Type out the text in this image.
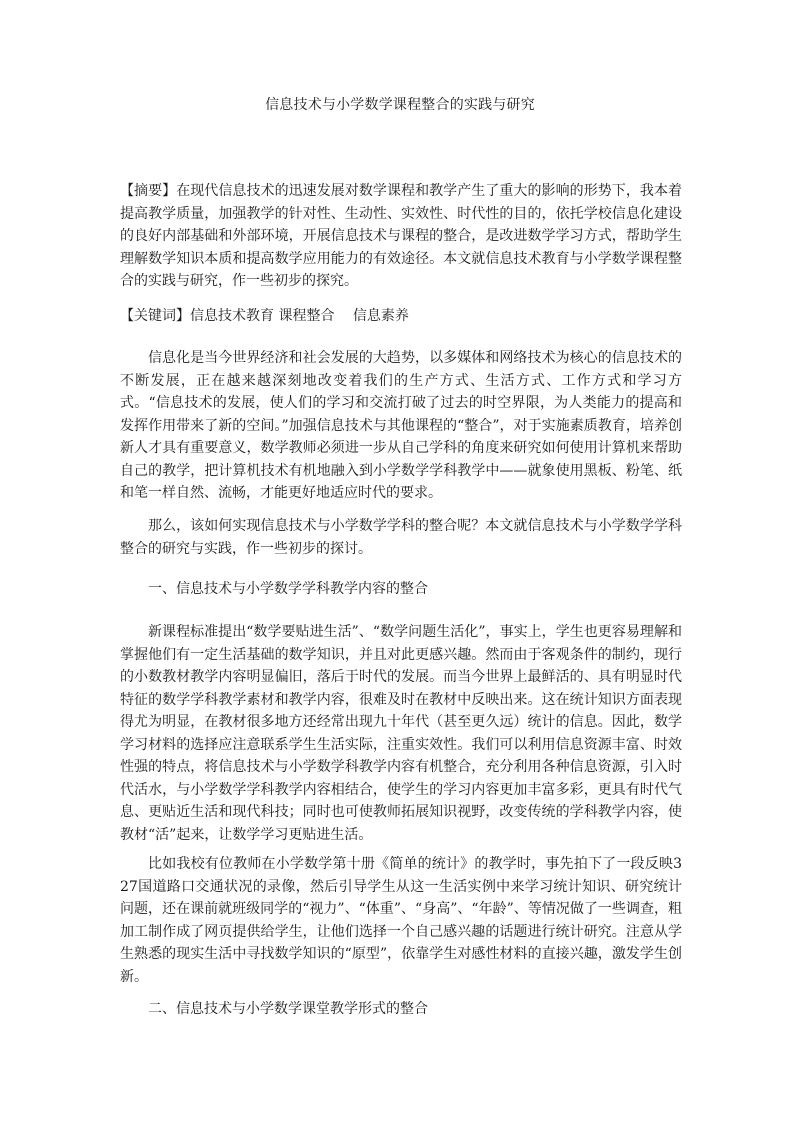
信息技术与小学数学课程整合的实践与研究

【摘要】在现代信息技术的迅速发展对数学课程和教学产生了重大的影响的形势下，我本着提高教学质量，加强教学的针对性、生动性、实效性、时代性的目的，依托学校信息化建设的良好内部基础和外部环境，开展信息技术与课程的整合，是改进数学学习方式，帮助学生理解数学知识本质和提高数学应用能力的有效途径。本文就信息技术教育与小学数学课程整合的实践与研究，作一些初步的探究。

【关键词】信息技术教育 课程整合　 信息素养

信息化是当今世界经济和社会发展的大趋势，以多媒体和网络技术为核心的信息技术的不断发展，正在越来越深刻地改变着我们的生产方式、生活方式、工作方式和学习方式。“信息技术的发展，使人们的学习和交流打破了过去的时空界限，为人类能力的提高和发挥作用带来了新的空间。”加强信息技术与其他课程的“整合”，对于实施素质教育，培养创新人才具有重要意义，数学教师必须进一步从自己学科的角度来研究如何使用计算机来帮助自己的教学，把计算机技术有机地融入到小学数学学科教学中——就象使用黑板、粉笔、纸和笔一样自然、流畅，才能更好地适应时代的要求。

那么，该如何实现信息技术与小学数学学科的整合呢？本文就信息技术与小学数学学科整合的研究与实践，作一些初步的探讨。

一、信息技术与小学数学学科教学内容的整合

新课程标准提出“数学要贴进生活”、“数学问题生活化”，事实上，学生也更容易理解和掌握他们有一定生活基础的数学知识，并且对此更感兴趣。然而由于客观条件的制约，现行的小数教材教学内容明显偏旧，落后于时代的发展。而当今世界上最鲜活的、具有明显时代特征的数学学科教学素材和教学内容，很难及时在教材中反映出来。这在统计知识方面表现得尤为明显，在教材很多地方还经常出现九十年代（甚至更久远）统计的信息。因此，数学学习材料的选择应注意联系学生生活实际，注重实效性。我们可以利用信息资源丰富、时效性强的特点，将信息技术与小学数学科教学内容有机整合，充分利用各种信息资源，引入时代活水，与小学数学学科教学内容相结合，使学生的学习内容更加丰富多彩，更具有时代气息、更贴近生活和现代科技；同时也可使教师拓展知识视野，改变传统的学科教学内容，使教材“活”起来，让数学学习更贴进生活。

比如我校有位教师在小学数学第十册《简单的统计》的教学时，事先拍下了一段反映327国道路口交通状况的录像，然后引导学生从这一生活实例中来学习统计知识、研究统计问题，还在课前就班级同学的“视力”、“体重”、“身高”、“年龄”、等情况做了一些调查，粗加工制作成了网页提供给学生，让他们选择一个自己感兴趣的话题进行统计研究。注意从学生熟悉的现实生活中寻找数学知识的“原型”，依靠学生对感性材料的直接兴趣，激发学生创新。

二、信息技术与小学数学课堂教学形式的整合
